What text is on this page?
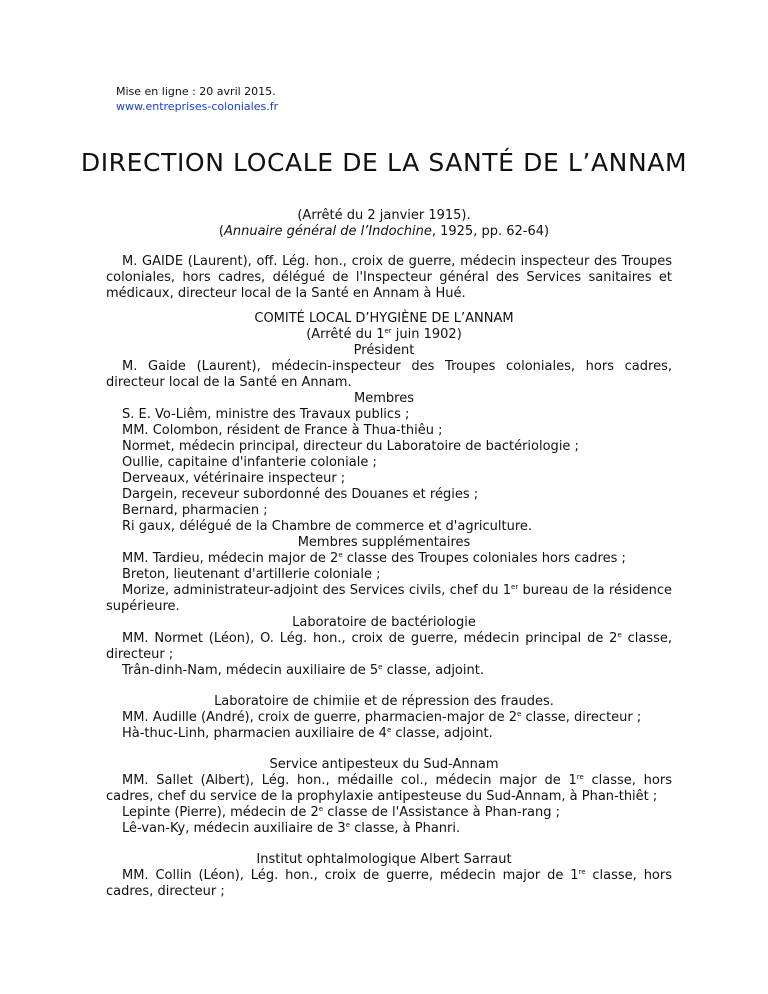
Mise en ligne : 20 avril 2015.
www.entreprises-coloniales.fr
DIRECTION LOCALE DE LA SANTÉ DE L’ANNAM
(Arrêté du 2 janvier 1915).
(Annuaire général de l’Indochine, 1925, pp. 62-64)
M. GAIDE (Laurent), off. Lég. hon., croix de guerre, médecin inspecteur des Troupes coloniales, hors cadres, délégué de l'Inspecteur général des Services sanitaires et médicaux, directeur local de la Santé en Annam à Hué.
COMITÉ LOCAL D’HYGIÈNE DE L’ANNAM
(Arrêté du 1er juin 1902)
Président
M. Gaide (Laurent), médecin-inspecteur des Troupes coloniales, hors cadres, directeur local de la Santé en Annam.
Membres
S. E. Vo-Liêm, ministre des Travaux publics ;
MM. Colombon, résident de France à Thua-thiêu ;
Normet, médecin principal, directeur du Laboratoire de bactériologie ;
Oullie, capitaine d'infanterie coloniale ;
Derveaux, vétérinaire inspecteur ;
Dargein, receveur subordonné des Douanes et régies ;
Bernard, pharmacien ;
Ri gaux, délégué de la Chambre de commerce et d'agriculture.
Membres supplémentaires
MM. Tardieu, médecin major de 2e classe des Troupes coloniales hors cadres ;
Breton, lieutenant d'artillerie coloniale ;
Morize, administrateur-adjoint des Services civils, chef du 1er bureau de la résidence supérieure.
Laboratoire de bactériologie
MM. Normet (Léon), O. Lég. hon., croix de guerre, médecin principal de 2e classe, directeur ;
Trân-dinh-Nam, médecin auxiliaire de 5e classe, adjoint.
Laboratoire de chimiie et de répression des fraudes.
MM. Audille (André), croix de guerre, pharmacien-major de 2e classe, directeur ;
Hà-thuc-Linh, pharmacien auxiliaire de 4e classe, adjoint.
Service antipesteux du Sud-Annam
MM. Sallet (Albert), Lég. hon., médaille col., médecin major de 1re classe, hors cadres, chef du service de la prophylaxie antipesteuse du Sud-Annam, à Phan-thiêt ;
Lepinte (Pierre), médecin de 2e classe de l'Assistance à Phan-rang ;
Lê-van-Ky, médecin auxiliaire de 3e classe, à Phanri.
Institut ophtalmologique Albert Sarraut
MM. Collin (Léon), Lég. hon., croix de guerre, médecin major de 1re classe, hors cadres, directeur ;
